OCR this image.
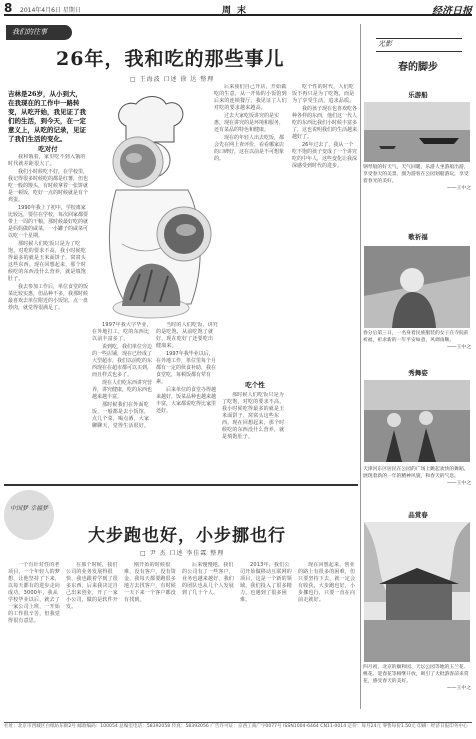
8 2014年4月6日 星期日	周末	经济日报
我们的往事
26年，我和吃的那些事儿
□ 王海波 口述 徐 达 整理
吉林是26岁，从小到大，在我现在的工作中一路转变，从吃开始，我见证了我们的生活，到今天，在一定意义上，从吃的记录，见证了我们生活的变化。
吃对付

我和饿着，家里吃不到入饿的时代就差距很大了。

我们小时候吃不好，在学校里，我记得很多时候吃的都是红薯，但也吃一般的馒头，有时候拿着一张饼就是一顿饭，吃好一点的时候就是有个鸡蛋。

1990年我上了初中，学校离家比较远，要住在学校，每次回家都要带上一周的干粮。那时候最好吃的就是妈妈做的咸菜，一小罐子的咸菜可以吃一个星期。

那时候人们吃饭只是为了吃饱，对吃的要求不高，我小时候吃得最多的就是玉米面饼子、窝窝头这些东西。现在回想起来，那个时候吃的东西没什么营养，就是填饱肚子。

我去参加工作后，单位食堂的饭菜比较实惠，但品种不多，我那时候最喜欢去单位附近的小饭馆，点一盘炒肉，就觉得很满足了。

后来我们自己开店，开始做吃的生意，从一开始的小饭馆到后来的连锁餐厅，我见证了人们对吃的要求越来越高。

过去大家吃饭讲究的是实惠，现在讲究的是环境和服务，还有菜品的特色和健康。

现在的年轻人出去吃饭，都会先在网上查评价，看看哪家店的口碑好，这在以前是不可想象的。

吃个性的时代，人们吃饭不再只是为了吃饱，而是为了享受生活，追求品质。

我的孩子现在也喜欢吃各种各样的东西，他们这一代人吃的东西比我们小时候丰富多了，这也说明我们的生活越来越好了。

26年过去了，我从一个吃不饱的孩子变成了一个讲究吃的中年人，这些变化让我深深感受到时代的进步。

1997年我大学毕业，在外地打工，吃的东西比以前丰富多了。

说到吃，我们单位旁边的一些店铺，现在已经成了大型超市，我们以前吃的东西现在在超市都可以买到，而且样式也多了。

现在人们吃东西讲究营养，讲究健康，吃的东西也越来越丰富。

那时候我们在外面吃饭，一般都是去小饭馆，点几个菜，喝点酒，大家聊聊天，觉得生活很好。

当时的人们吃饭，讲究的是吃饱，从前吃饱了就好，现在吃好了还要吃出健康来。

1997年我毕业以后，在外地工作，单位里每个月都有一定的伙食补助，我在食堂吃，每顿饭都有荤有素。

后来单位的食堂办得越来越好，饭菜品种也越来越丰富，大家都说吃得比家里还好。

吃个性

那时候人们吃饭只是为了吃饱，对吃的要求不高，我小时候吃得最多的就是玉米面饼子、窝窝头这些东西。现在回想起来，那个时候吃的东西没什么营养，就是填饱肚子。

中国梦 幸福梦
大步跑也好，小步挪也行
□ 尹 杰 口述 李佳霖 整理

一个有针对性的老项目，一个年轻人的梦想，让他坚持了下来，以每天都有的进步走向成功。3000年，我从学校毕业以后，就去了一家公司上班，一开始的工作很辛苦，但我觉得很有意思。

在那个时候，我们公司的业务发展得很快，我也跟着学到了很多东西，后来我决定自己出来创业，开了一家小公司，做的是软件开发。

刚开始的时候很难，没有客户，没有资金，我每天都要跑很多地方去找客户，有时候一天下来一个客户都没有找到。

后来慢慢地，我们的公司有了一些客户，业务也越来越好，我们的团队也从几个人发展到了几十个人。

2013年，我们公司开始做移动互联网的项目，这是一个新的领域，我们投入了很多精力，也遇到了很多困难。

现在回想起来，创业的路上有很多的困难，但只要坚持下去，就一定会有收获，大步跑也好，小步挪也行，只要一直在向前走就好。

光影
春的脚步
乐游船
钢琴般的好天气，天气回暖，乐游人坐游船出游，享受春天的美景。图为游客在公园划船游玩，享受着春光的美好。
——王中之
歌祈福
春分后第三日，一名身着民族服装的女子在寺院前祈福，祈求新的一年平安如意，风调雨顺。
——王中之
秀舞姿
天津河东区居民在公园的广场上跳起欢快的舞蹈，展现着新的一年的精神风貌，和春天的气息。
——王中之
品赏春
四月初，北京的颐和园、天坛公园等地的玉兰花、桃花、迎春花等相继开放，吸引了大批游客前来赏花，感受春天的美好。
——王中之
社址：北京市西城区白纸坊东街2号 邮政编码：100054 总编室电话：58392058 传真：58392056 广告许可证：京西工商广字0077号 ISSN1004-6464 CN11-0014 定价：每月24元 零售每份1.50元 印刷：经济日报印务中心
